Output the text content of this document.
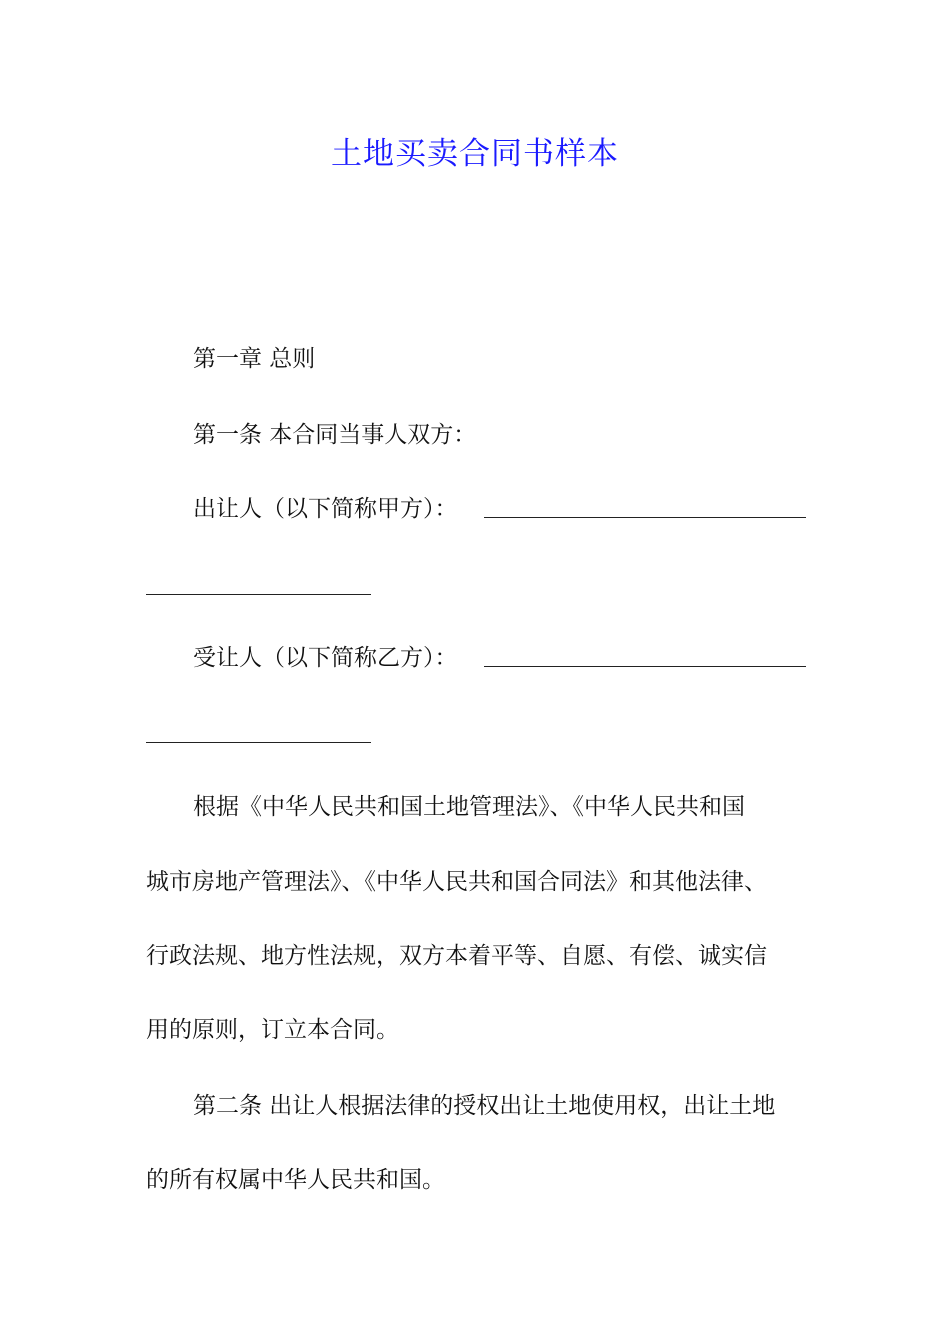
土地买卖合同书样本
第一章 总则
第一条 本合同当事人双方：
出让人（以下简称甲方）：
受让人（以下简称乙方）：
根据《中华人民共和国土地管理法》、《中华人民共和国
城市房地产管理法》、《中华人民共和国合同法》和其他法律、
行政法规、地方性法规，双方本着平等、自愿、有偿、诚实信
用的原则，订立本合同。
第二条 出让人根据法律的授权出让土地使用权，出让土地
的所有权属中华人民共和国。
